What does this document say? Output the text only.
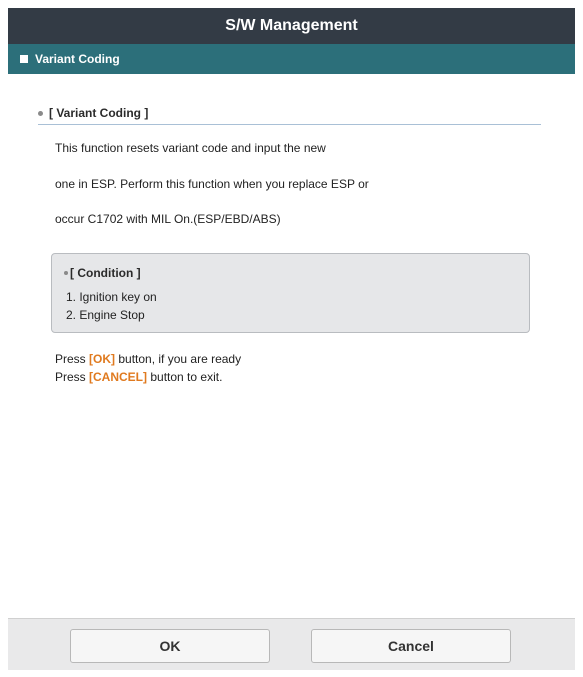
S/W Management
Variant Coding
[ Variant Coding ]
This function resets variant code and input the new
one in ESP. Perform this function when you replace ESP or
occur C1702 with MIL On.(ESP/EBD/ABS)
[ Condition ]
1. Ignition key on
2. Engine Stop
Press [OK] button, if you are ready
Press [CANCEL] button to exit.
OK	Cancel
